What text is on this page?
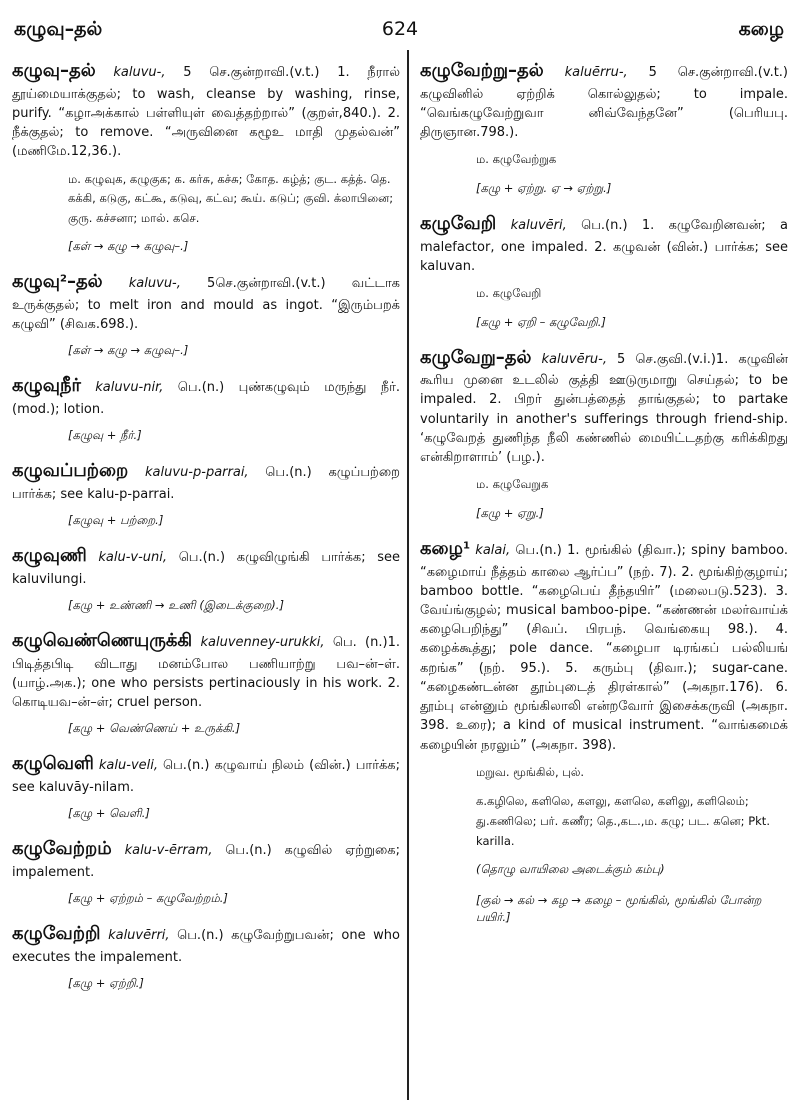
கழுவு–தல்	624	கழை
கழுவு–தல் kaluvu-, 5 செ.குன்றாவி.(v.t.) 1. நீரால் தூய்மையாக்குதல்; to wash, cleanse by washing, rinse, purify. “கழாஅக்கால் பள்ளியுள் வைத்தற்றால்” (குறள்,840.). 2. நீக்குதல்; to remove. “அருவினை கழூஉ மாதி முதல்வன்” (மணிமே.12,36.).
ம. கழுவுக, கழுகுக; க. கர்சு, கச்சு; கோத. கழ்த்; குட. கத்த். தெ. கக்கி, கடுகு, கட்கூ, கடுவு, கட்வ; கூய். கடுப்; குவி. க்லாபினை; குரு. கச்சனா; மால். கசெ.
[கள் → கழு → கழுவு–.]
கழுவு$^2$–தல் kaluvu-, 5செ.குன்றாவி.(v.t.) வட்டாக உருக்குதல்; to melt iron and mould as ingot. “இரும்பறக் கழுவி” (சிவக.698.).
[கள் → கழு → கழுவு–.]
கழுவுநீர் kaluvu-nir, பெ.(n.) புண்கழுவும் மருந்து நீர். (mod.); lotion.
[கழுவு + நீர்.]
கழுவப்பற்றை kaluvu-p-parrai, பெ.(n.) கழுப்பற்றை பார்க்க; see kalu-p-parrai.
[கழுவு + பற்றை.]
கழுவுணி kalu-v-uni, பெ.(n.) கழுவிழுங்கி பார்க்க; see kaluvilungi.
[கழு + உண்ணி → உணி (இடைக்குறை).]
கழுவெண்ணெயுருக்கி kaluvenney-urukki, பெ. (n.)1. பிடித்தபிடி விடாது மனம்போல பணியாற்று பவ–ன்–ள். (யாழ்.அக.); one who persists pertinaciously in his work. 2. கொடியவ–ன்–ள்; cruel person.
[கழு + வெண்ணெய் + உருக்கி.]
கழுவெளி kalu-veli, பெ.(n.) கழுவாய் நிலம் (வின்.) பார்க்க; see kaluvāy-nilam.
[கழு + வெளி.]
கழுவேற்றம் kalu-v-ērram, பெ.(n.) கழுவில் ஏற்றுகை; impalement.
[கழு + ஏற்றம் – கழுவேற்றம்.]
கழுவேற்றி kaluvērri, பெ.(n.) கழுவேற்றுபவன்; one who executes the impalement.
[கழு + ஏற்றி.]
கழுவேற்று–தல் kaluērru-, 5 செ.குன்றாவி.(v.t.) கழுவினில் ஏற்றிக் கொல்லுதல்; to impale. “வெங்கழுவேற்றுவா னிவ்வேந்தனே” (பெரியபு. திருஞான.798.).
ம. கழுவேற்றுக
[கழு + ஏற்று. ஏ → ஏற்று.]
கழுவேறி kaluvēri, பெ.(n.) 1. கழுவேறினவன்; a malefactor, one impaled. 2. கழுவன் (வின்.) பார்க்க; see kaluvan.
ம. கழுவேறி
[கழு + ஏறி – கழுவேறி.]
கழுவேறு–தல் kaluvēru-, 5 செ.குவி.(v.i.)1. கழுவின் கூரிய முனை உடலில் குத்தி ஊடுருமாறு செய்தல்; to be impaled. 2. பிறர் துன்பத்தைத் தாங்குதல்; to partake voluntarily in another's sufferings through friend-ship. ‘கழுவேறத் துணிந்த நீலி கண்ணில் மையிட்டதற்கு கரிக்கிறது என்கிறாளாம்’ (பழ.).
ம. கழுவேறுக
[கழு + ஏறு.]
கழை$^1$ kalai, பெ.(n.) 1. மூங்கில் (திவா.); spiny bamboo. “கழைமாய் நீத்தம் காலை ஆர்ப்ப” (நற். 7). 2. மூங்கிற்குழாய்; bamboo bottle. “கழைபெய் தீந்தயிர்” (மலைபடு.523). 3. வேய்ங்குழல்; musical bamboo-pipe. “கண்ணன் மலர்வாய்க் கழைபெறிந்து” (சிவப். பிரபந். வெங்கையு 98.). 4. கழைக்கூத்து; pole dance. “கழைபா டிரங்கப் பல்லியங் கறங்க” (நற். 95.). 5. கரும்பு (திவா.); sugar-cane. “கழைகண்டன்ன தூம்புடைத் திரள்கால்” (அகநா.176). 6. தூம்பு என்னும் மூங்கிலாலி என்றவோர் இசைக்கருவி (அகநா. 398. உரை); a kind of musical instrument. “வாங்கமைக் கழையின் நரலும்” (அகநா. 398).
மறுவ. மூங்கில், புல்.
க.கழிலெ, களிலெ, களலு, களலெ, களிலு, களிலெம்; து.கணிலெ; பர். கணீர; தெ.,கட.,ம. கழு; பட. கனெ; Pkt. karilla.
(தொழு வாயிலை அடைக்கும் கம்பு)
[குல் → கல் → கழ → கழை – மூங்கில், மூங்கில் போன்ற பயிர்.]
